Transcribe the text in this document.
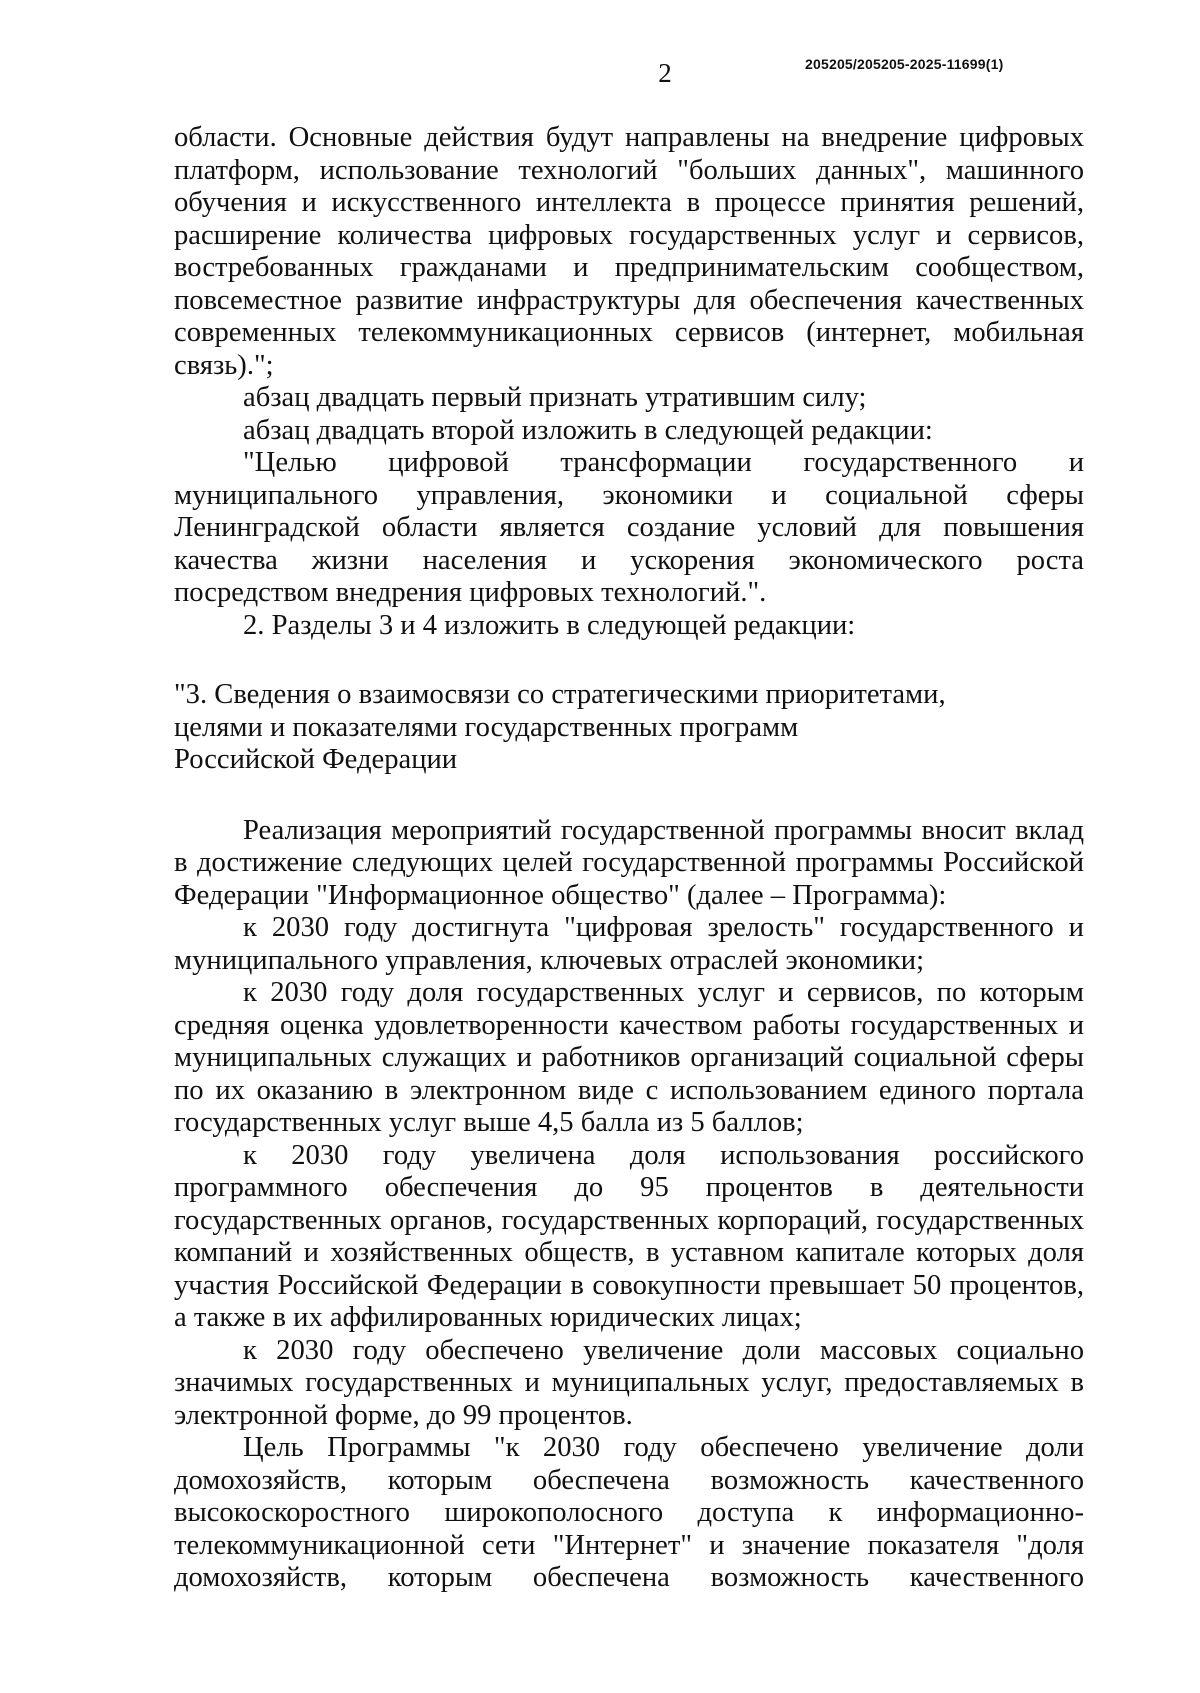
2	205205/205205-2025-11699(1)

области. Основные действия будут направлены на внедрение цифровых платформ, использование технологий "больших данных", машинного обучения и искусственного интеллекта в процессе принятия решений, расширение количества цифровых государственных услуг и сервисов, востребованных гражданами и предпринимательским сообществом, повсеместное развитие инфраструктуры для обеспечения качественных современных телекоммуникационных сервисов (интернет, мобильная связь).";

абзац двадцать первый признать утратившим силу;

абзац двадцать второй изложить в следующей редакции:

"Целью цифровой трансформации государственного и муниципального управления, экономики и социальной сферы Ленинградской области является создание условий для повышения качества жизни населения и ускорения экономического роста посредством внедрения цифровых технологий.".

2. Разделы 3 и 4 изложить в следующей редакции:

"3. Сведения о взаимосвязи со стратегическими приоритетами,

целями и показателями государственных программ

Российской Федерации

Реализация мероприятий государственной программы вносит вклад в достижение следующих целей государственной программы Российской Федерации "Информационное общество" (далее – Программа):

к 2030 году достигнута "цифровая зрелость" государственного и муниципального управления, ключевых отраслей экономики;

к 2030 году доля государственных услуг и сервисов, по которым средняя оценка удовлетворенности качеством работы государственных и муниципальных служащих и работников организаций социальной сферы по их оказанию в электронном виде с использованием единого портала государственных услуг выше 4,5 балла из 5 баллов;

к 2030 году увеличена доля использования российского программного обеспечения до 95 процентов в деятельности государственных органов, государственных корпораций, государственных компаний и хозяйственных обществ, в уставном капитале которых доля участия Российской Федерации в совокупности превышает 50 процентов, а также в их аффилированных юридических лицах;

к 2030 году обеспечено увеличение доли массовых социально значимых государственных и муниципальных услуг, предоставляемых в электронной форме, до 99 процентов.

Цель Программы "к 2030 году обеспечено увеличение доли домохозяйств, которым обеспечена возможность качественного высокоскоростного широкополосного доступа к информационно-телекоммуникационной сети "Интернет" и значение показателя "доля домохозяйств, которым обеспечена возможность качественного
